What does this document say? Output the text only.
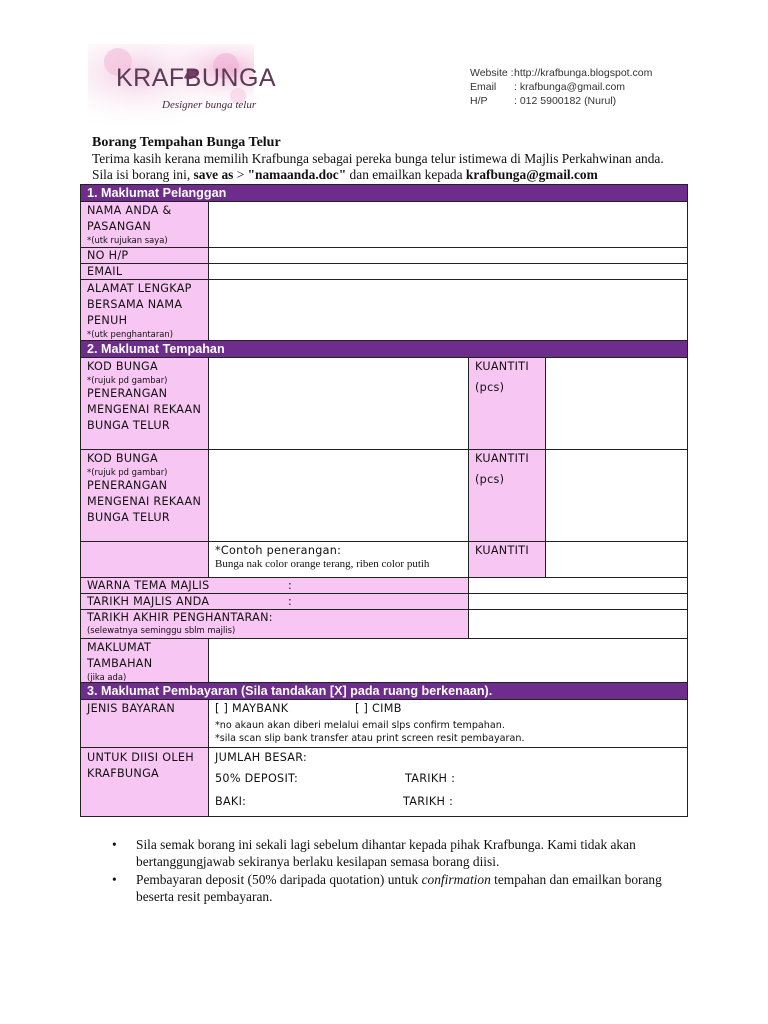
KRAFBUNGA
Designer bunga telur
Website : http://krafbunga.blogspot.com
Email	: krafbunga@gmail.com
H/P	: 012 5900182 (Nurul)
Borang Tempahan Bunga Telur
Terima kasih kerana memilih Krafbunga sebagai pereka bunga telur istimewa di Majlis Perkahwinan anda. Sila isi borang ini, save as > "namaanda.doc" dan emailkan kepada krafbunga@gmail.com
1. Maklumat Pelanggan
NAMA ANDA & PASANGAN
*(utk rujukan saya)
NO H/P
EMAIL
ALAMAT LENGKAP BERSAMA NAMA PENUH
*(utk penghantaran)
2. Maklumat Tempahan
KOD BUNGA
*(rujuk pd gambar)
PENERANGAN MENGENAI REKAAN BUNGA TELUR
KUANTITI
(pcs)
KOD BUNGA
*(rujuk pd gambar)
PENERANGAN MENGENAI REKAAN BUNGA TELUR
KUANTITI
(pcs)
*Contoh penerangan:
Bunga nak color orange terang, riben color putih
KUANTITI
WARNA TEMA MAJLIS	:
TARIKH MAJLIS ANDA	:
TARIKH AKHIR PENGHANTARAN:
(selewatnya seminggu sblm majlis)
MAKLUMAT TAMBAHAN
(jika ada)
3. Maklumat Pembayaran (Sila tandakan [X] pada ruang berkenaan).
JENIS BAYARAN	[ ] MAYBANK	[ ] CIMB
*no akaun akan diberi melalui email slps confirm tempahan.
*sila scan slip bank transfer atau print screen resit pembayaran.
UNTUK DIISI OLEH KRAFBUNGA
JUMLAH BESAR:
50% DEPOSIT:	TARIKH :
BAKI:	TARIKH :
•	Sila semak borang ini sekali lagi sebelum dihantar kepada pihak Krafbunga. Kami tidak akan bertanggungjawab sekiranya berlaku kesilapan semasa borang diisi.
•	Pembayaran deposit (50% daripada quotation) untuk confirmation tempahan dan emailkan borang beserta resit pembayaran.
